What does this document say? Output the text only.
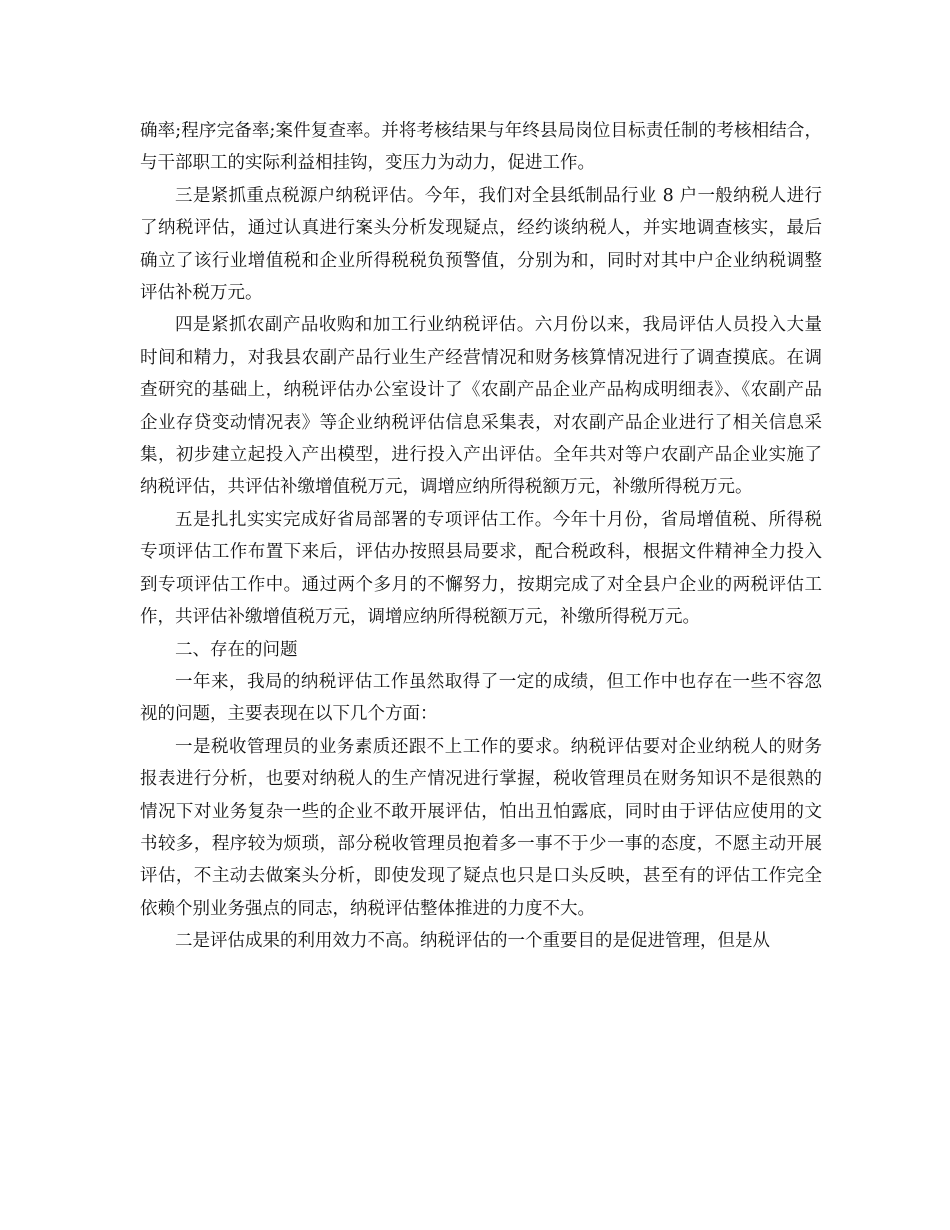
确率;程序完备率;案件复查率。并将考核结果与年终县局岗位目标责任制的考核相结合，与干部职工的实际利益相挂钩，变压力为动力，促进工作。

三是紧抓重点税源户纳税评估。今年，我们对全县纸制品行业 8 户一般纳税人进行了纳税评估，通过认真进行案头分析发现疑点，经约谈纳税人，并实地调查核实，最后确立了该行业增值税和企业所得税税负预警值，分别为和，同时对其中户企业纳税调整评估补税万元。

四是紧抓农副产品收购和加工行业纳税评估。六月份以来，我局评估人员投入大量时间和精力，对我县农副产品行业生产经营情况和财务核算情况进行了调查摸底。在调查研究的基础上，纳税评估办公室设计了《农副产品企业产品构成明细表》、《农副产品企业存贷变动情况表》等企业纳税评估信息采集表，对农副产品企业进行了相关信息采集，初步建立起投入产出模型，进行投入产出评估。全年共对等户农副产品企业实施了纳税评估，共评估补缴增值税万元，调增应纳所得税额万元，补缴所得税万元。

五是扎扎实实完成好省局部署的专项评估工作。今年十月份，省局增值税、所得税专项评估工作布置下来后，评估办按照县局要求，配合税政科，根据文件精神全力投入到专项评估工作中。通过两个多月的不懈努力，按期完成了对全县户企业的两税评估工作，共评估补缴增值税万元，调增应纳所得税额万元，补缴所得税万元。

二、存在的问题

一年来，我局的纳税评估工作虽然取得了一定的成绩，但工作中也存在一些不容忽视的问题，主要表现在以下几个方面：

一是税收管理员的业务素质还跟不上工作的要求。纳税评估要对企业纳税人的财务报表进行分析，也要对纳税人的生产情况进行掌握，税收管理员在财务知识不是很熟的情况下对业务复杂一些的企业不敢开展评估，怕出丑怕露底，同时由于评估应使用的文书较多，程序较为烦琐，部分税收管理员抱着多一事不于少一事的态度，不愿主动开展评估，不主动去做案头分析，即使发现了疑点也只是口头反映，甚至有的评估工作完全依赖个别业务强点的同志，纳税评估整体推进的力度不大。

二是评估成果的利用效力不高。纳税评估的一个重要目的是促进管理，但是从
